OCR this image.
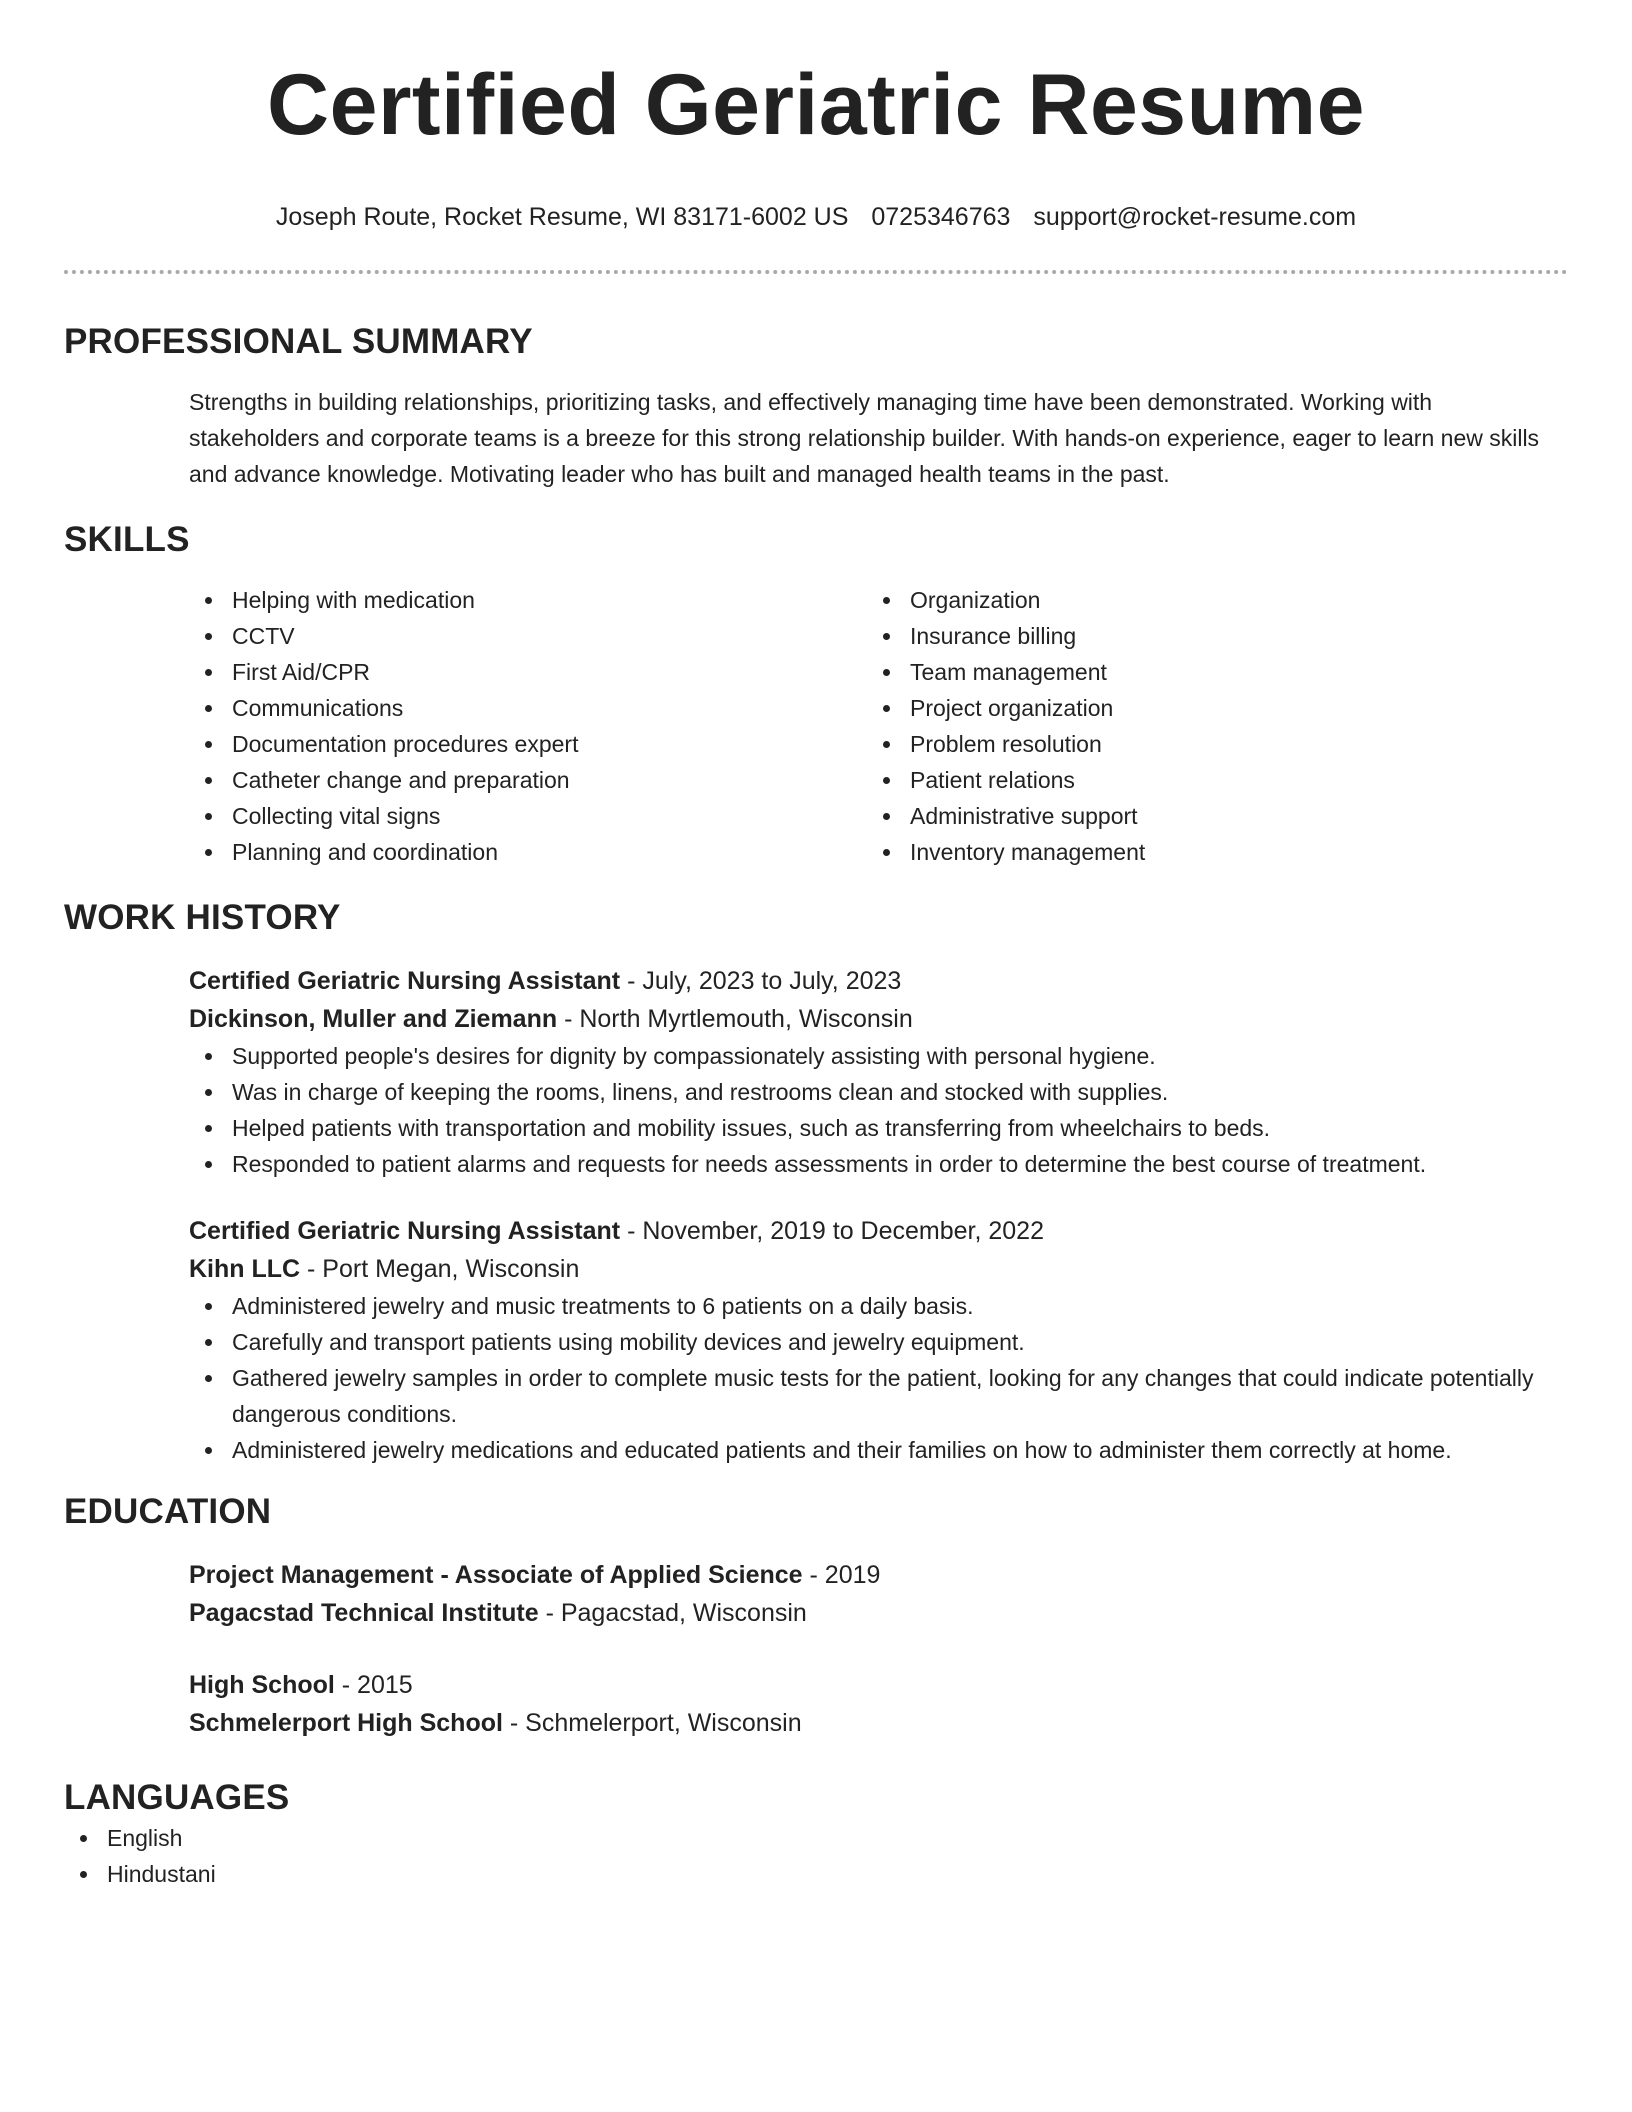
Certified Geriatric Resume
Joseph Route, Rocket Resume, WI 83171-6002 US 0725346763 support@rocket-resume.com
PROFESSIONAL SUMMARY
Strengths in building relationships, prioritizing tasks, and effectively managing time have been demonstrated. Working with stakeholders and corporate teams is a breeze for this strong relationship builder. With hands-on experience, eager to learn new skills and advance knowledge. Motivating leader who has built and managed health teams in the past.
SKILLS
Helping with medication
CCTV
First Aid/CPR
Communications
Documentation procedures expert
Catheter change and preparation
Collecting vital signs
Planning and coordination
Organization
Insurance billing
Team management
Project organization
Problem resolution
Patient relations
Administrative support
Inventory management
WORK HISTORY
Certified Geriatric Nursing Assistant - July, 2023 to July, 2023
Dickinson, Muller and Ziemann - North Myrtlemouth, Wisconsin
Supported people's desires for dignity by compassionately assisting with personal hygiene.
Was in charge of keeping the rooms, linens, and restrooms clean and stocked with supplies.
Helped patients with transportation and mobility issues, such as transferring from wheelchairs to beds.
Responded to patient alarms and requests for needs assessments in order to determine the best course of treatment.
Certified Geriatric Nursing Assistant - November, 2019 to December, 2022
Kihn LLC - Port Megan, Wisconsin
Administered jewelry and music treatments to 6 patients on a daily basis.
Carefully and transport patients using mobility devices and jewelry equipment.
Gathered jewelry samples in order to complete music tests for the patient, looking for any changes that could indicate potentially dangerous conditions.
Administered jewelry medications and educated patients and their families on how to administer them correctly at home.
EDUCATION
Project Management - Associate of Applied Science - 2019
Pagacstad Technical Institute - Pagacstad, Wisconsin
High School - 2015
Schmelerport High School - Schmelerport, Wisconsin
LANGUAGES
English
Hindustani
